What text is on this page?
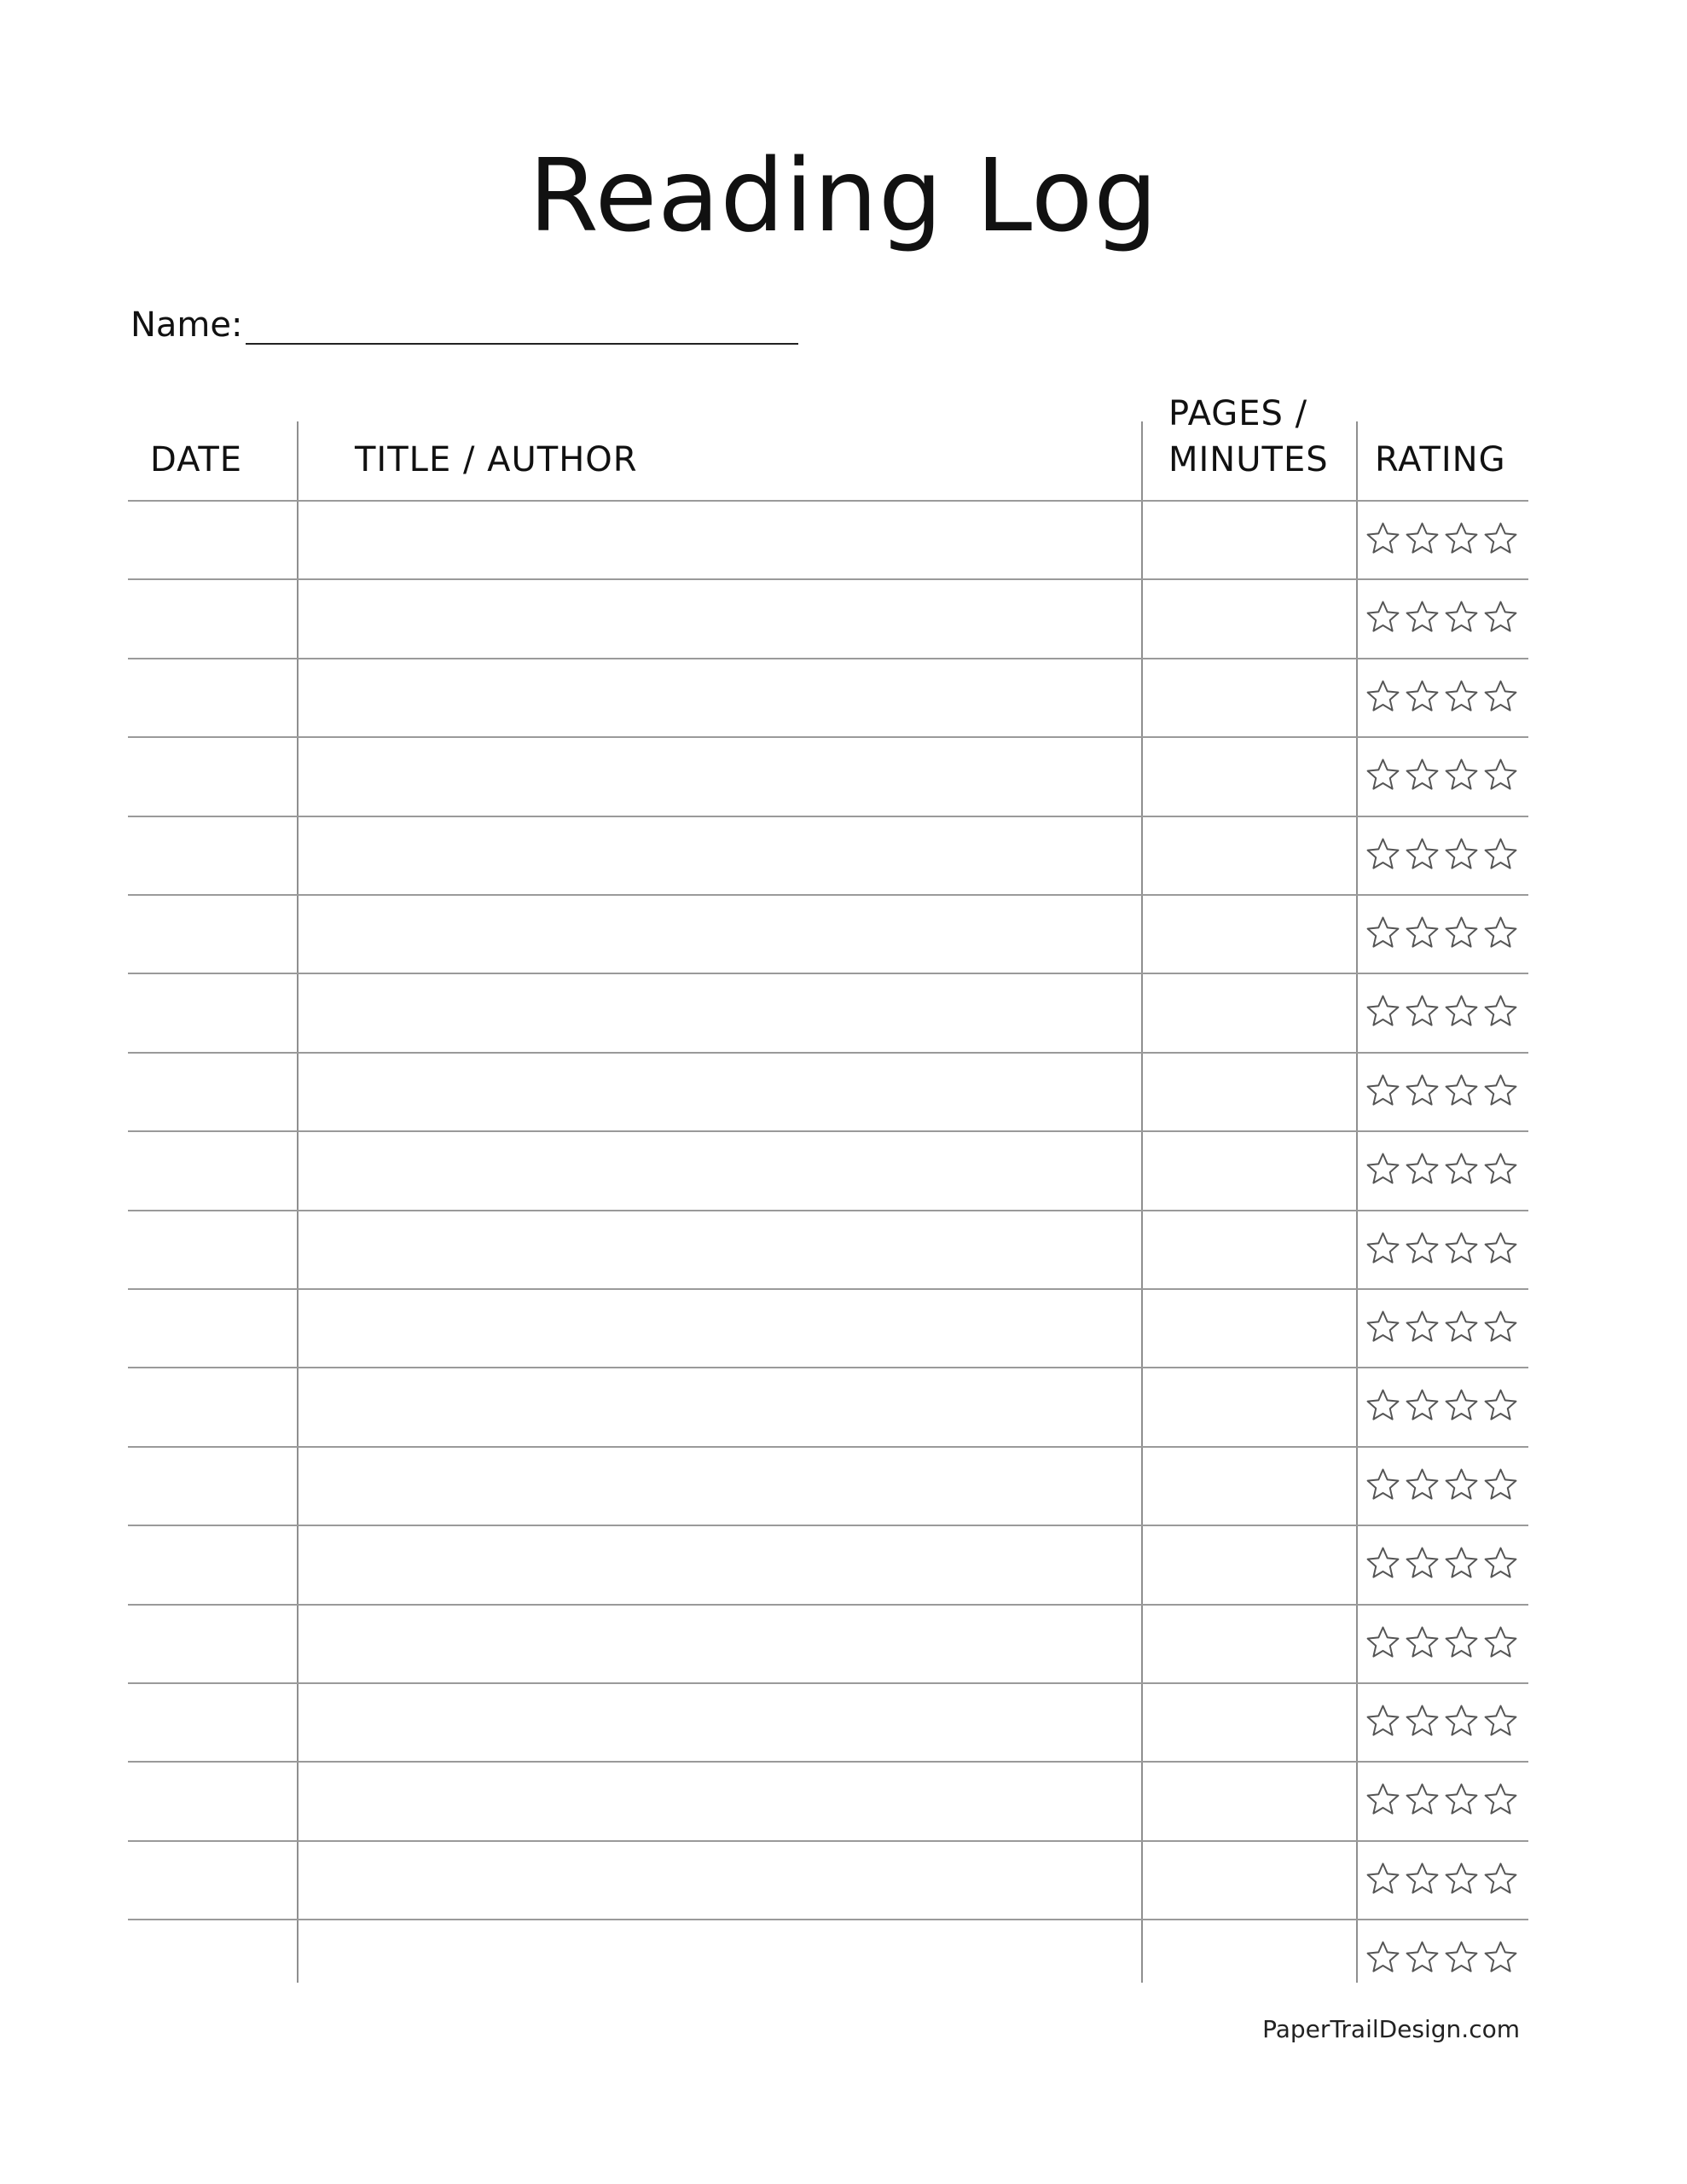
Reading Log
Name:
DATE	TITLE / AUTHOR
PAGES /
MINUTES RATING
PaperTrailDesign.com
